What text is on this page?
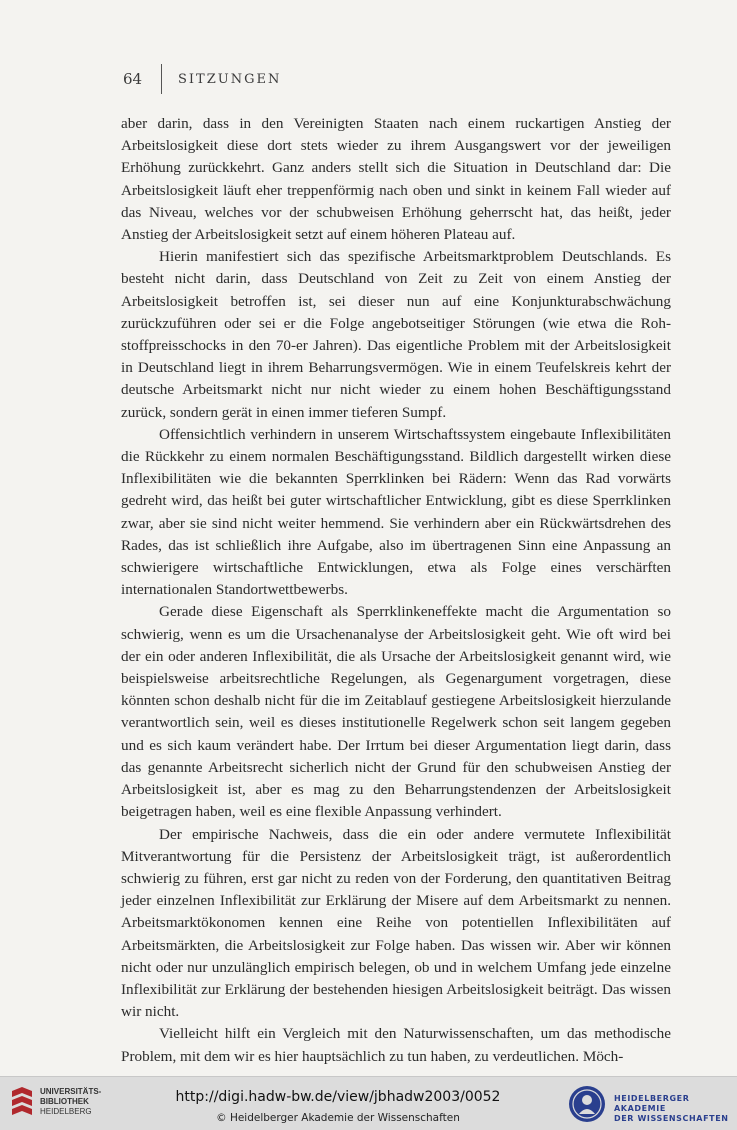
64	SITZUNGEN

aber darin, dass in den Vereinigten Staaten nach einem ruckartigen Anstieg der Arbeitslosigkeit diese dort stets wieder zu ihrem Ausgangswert vor der jeweiligen Erhöhung zurückkehrt. Ganz anders stellt sich die Situation in Deutschland dar: Die Arbeitslosigkeit läuft eher treppenförmig nach oben und sinkt in keinem Fall wieder auf das Niveau, welches vor der schubweisen Erhöhung geherrscht hat, das heißt, jeder Anstieg der Arbeitslosigkeit setzt auf einem höheren Plateau auf.

Hierin manifestiert sich das spezifische Arbeitsmarktproblem Deutschlands. Es besteht nicht darin, dass Deutschland von Zeit zu Zeit von einem Anstieg der Arbeitslosigkeit betroffen ist, sei dieser nun auf eine Konjunkturabschwächung zurückzuführen oder sei er die Folge angebotseitiger Störungen (wie etwa die Rohstoffpreisschocks in den 70-er Jahren). Das eigentliche Problem mit der Arbeitslosigkeit in Deutschland liegt in ihrem Beharrungsvermögen. Wie in einem Teufelskreis kehrt der deutsche Arbeitsmarkt nicht nur nicht wieder zu einem hohen Beschäftigungsstand zurück, sondern gerät in einen immer tieferen Sumpf.

Offensichtlich verhindern in unserem Wirtschaftssystem eingebaute Inflexibilitäten die Rückkehr zu einem normalen Beschäftigungsstand. Bildlich dargestellt wirken diese Inflexibilitäten wie die bekannten Sperrklinken bei Rädern: Wenn das Rad vorwärts gedreht wird, das heißt bei guter wirtschaftlicher Entwicklung, gibt es diese Sperrklinken zwar, aber sie sind nicht weiter hemmend. Sie verhindern aber ein Rückwärtsdrehen des Rades, das ist schließlich ihre Aufgabe, also im übertragenen Sinn eine Anpassung an schwierigere wirtschaftliche Entwicklungen, etwa als Folge eines verschärften internationalen Standortwettbewerbs.

Gerade diese Eigenschaft als Sperrklinkeneffekte macht die Argumentation so schwierig, wenn es um die Ursachenanalyse der Arbeitslosigkeit geht. Wie oft wird bei der ein oder anderen Inflexibilität, die als Ursache der Arbeitslosigkeit genannt wird, wie beispielsweise arbeitsrechtliche Regelungen, als Gegenargument vorgetragen, diese könnten schon deshalb nicht für die im Zeitablauf gestiegene Arbeitslosigkeit hierzulande verantwortlich sein, weil es dieses institutionelle Regelwerk schon seit langem gegeben und es sich kaum verändert habe. Der Irrtum bei dieser Argumentation liegt darin, dass das genannte Arbeitsrecht sicherlich nicht der Grund für den schubweisen Anstieg der Arbeitslosigkeit ist, aber es mag zu den Beharrungstendenzen der Arbeitslosigkeit beigetragen haben, weil es eine flexible Anpassung verhindert.

Der empirische Nachweis, dass die ein oder andere vermutete Inflexibilität Mitverantwortung für die Persistenz der Arbeitslosigkeit trägt, ist außerordentlich schwierig zu führen, erst gar nicht zu reden von der Forderung, den quantitativen Beitrag jeder einzelnen Inflexibilität zur Erklärung der Misere auf dem Arbeitsmarkt zu nennen. Arbeitsmarktökonomen kennen eine Reihe von potentiellen Inflexibilitäten auf Arbeitsmärkten, die Arbeitslosigkeit zur Folge haben. Das wissen wir. Aber wir können nicht oder nur unzulänglich empirisch belegen, ob und in welchem Umfang jede einzelne Inflexibilität zur Erklärung der bestehenden hiesigen Arbeitslosigkeit beiträgt. Das wissen wir nicht.

Vielleicht hilft ein Vergleich mit den Naturwissenschaften, um das methodische Problem, mit dem wir es hier hauptsächlich zu tun haben, zu verdeutlichen. Möch-

UNIVERSITÄTS-
BIBLIOTHEK
HEIDELBERG
http://digi.hadw-bw.de/view/jbhadw2003/0052
© Heidelberger Akademie der Wissenschaften
HEIDELBERGER AKADEMIE
DER WISSENSCHAFTEN
